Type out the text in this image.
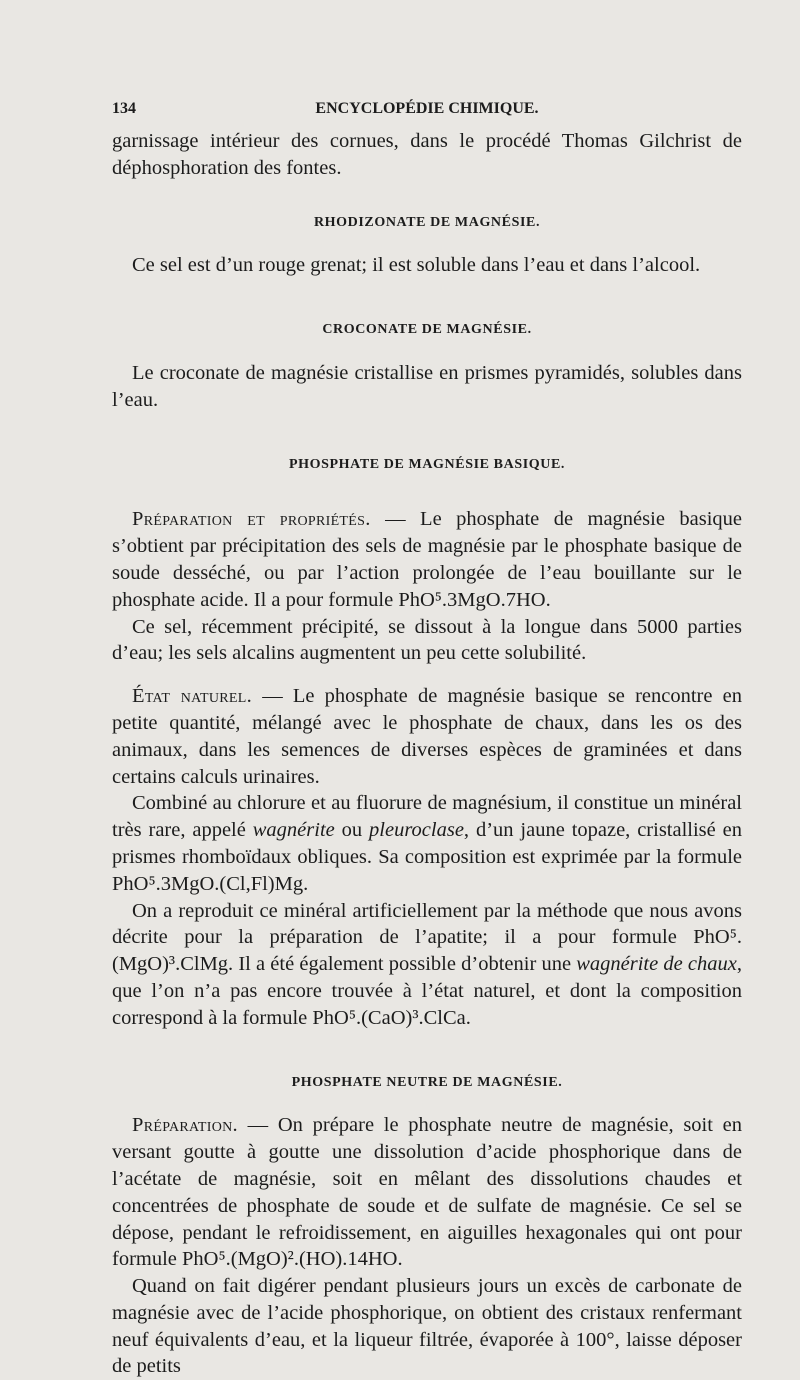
134	ENCYCLOPÉDIE CHIMIQUE.

garnissage intérieur des cornues, dans le procédé Thomas Gilchrist de déphosphoration des fontes.

RHODIZONATE DE MAGNÉSIE.

Ce sel est d’un rouge grenat; il est soluble dans l’eau et dans l’alcool.

CROCONATE DE MAGNÉSIE.

Le croconate de magnésie cristallise en prismes pyramidés, solubles dans l’eau.

PHOSPHATE DE MAGNÉSIE BASIQUE.

Préparation et propriétés. — Le phosphate de magnésie basique s’obtient par précipitation des sels de magnésie par le phosphate basique de soude desséché, ou par l’action prolongée de l’eau bouillante sur le phosphate acide. Il a pour formule PhO⁵.3MgO.7HO.

Ce sel, récemment précipité, se dissout à la longue dans 5000 parties d’eau; les sels alcalins augmentent un peu cette solubilité.

État naturel. — Le phosphate de magnésie basique se rencontre en petite quantité, mélangé avec le phosphate de chaux, dans les os des animaux, dans les semences de diverses espèces de graminées et dans certains calculs urinaires.

Combiné au chlorure et au fluorure de magnésium, il constitue un minéral très rare, appelé wagnérite ou pleuroclase, d’un jaune topaze, cristallisé en prismes rhomboïdaux obliques. Sa composition est exprimée par la formule PhO⁵.3MgO.(Cl,Fl)Mg.

On a reproduit ce minéral artificiellement par la méthode que nous avons décrite pour la préparation de l’apatite; il a pour formule PhO⁵.(MgO)³.ClMg. Il a été également possible d’obtenir une wagnérite de chaux, que l’on n’a pas encore trouvée à l’état naturel, et dont la composition correspond à la formule PhO⁵.(CaO)³.ClCa.

PHOSPHATE NEUTRE DE MAGNÉSIE.

Préparation. — On prépare le phosphate neutre de magnésie, soit en versant goutte à goutte une dissolution d’acide phosphorique dans de l’acétate de magnésie, soit en mêlant des dissolutions chaudes et concentrées de phosphate de soude et de sulfate de magnésie. Ce sel se dépose, pendant le refroidissement, en aiguilles hexagonales qui ont pour formule PhO⁵.(MgO)².(HO).14HO.

Quand on fait digérer pendant plusieurs jours un excès de carbonate de magnésie avec de l’acide phosphorique, on obtient des cristaux renfermant neuf équivalents d’eau, et la liqueur filtrée, évaporée à 100°, laisse déposer de petits
